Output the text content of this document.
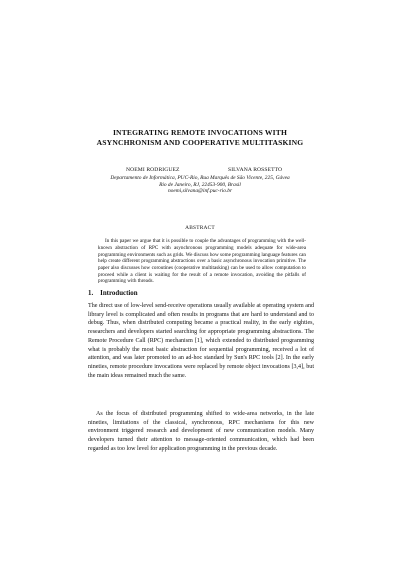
INTEGRATING REMOTE INVOCATIONS WITH
ASYNCHRONISM AND COOPERATIVE MULTITASKING
NOEMI RODRIGUEZ	SILVANA ROSSETTO
Departamento de Informática, PUC-Rio, Rua Marquês de São Vicente, 225, Gávea
Rio de Janeiro, RJ, 22453-900, Brasil
noemi,silvana@inf.puc-rio.br
ABSTRACT

In this paper we argue that it is possible to couple the advantages of programming with the well-known abstraction of RPC with asynchronous programming models adequate for wide-area programming environments such as grids. We discuss how some programming language features can help create different programming abstractions over a basic asynchronous invocation primitive. The paper also discusses how coroutines (cooperative multitasking) can be used to allow computation to proceed while a client is waiting for the result of a remote invocation, avoiding the pitfalls of programming with threads.

1. Introduction

The direct use of low-level send-receive operations usually available at operating system and library level is complicated and often results in programs that are hard to understand and to debug. Thus, when distributed computing became a practical reality, in the early eighties, researchers and developers started searching for appropriate programming abstractions. The Remote Procedure Call (RPC) mechanism [1], which extended to distributed programming what is probably the most basic abstraction for sequential programming, received a lot of attention, and was later promoted to an ad-hoc standard by Sun's RPC tools [2]. In the early nineties, remote procedure invocations were replaced by remote object invocations [3,4], but the main ideas remained much the same.

As the focus of distributed programming shifted to wide-area networks, in the late nineties, limitations of the classical, synchronous, RPC mechanisms for this new environment triggered research and development of new communication models. Many developers turned their attention to message-oriented communication, which had been regarded as too low level for application programming in the previous decade.
